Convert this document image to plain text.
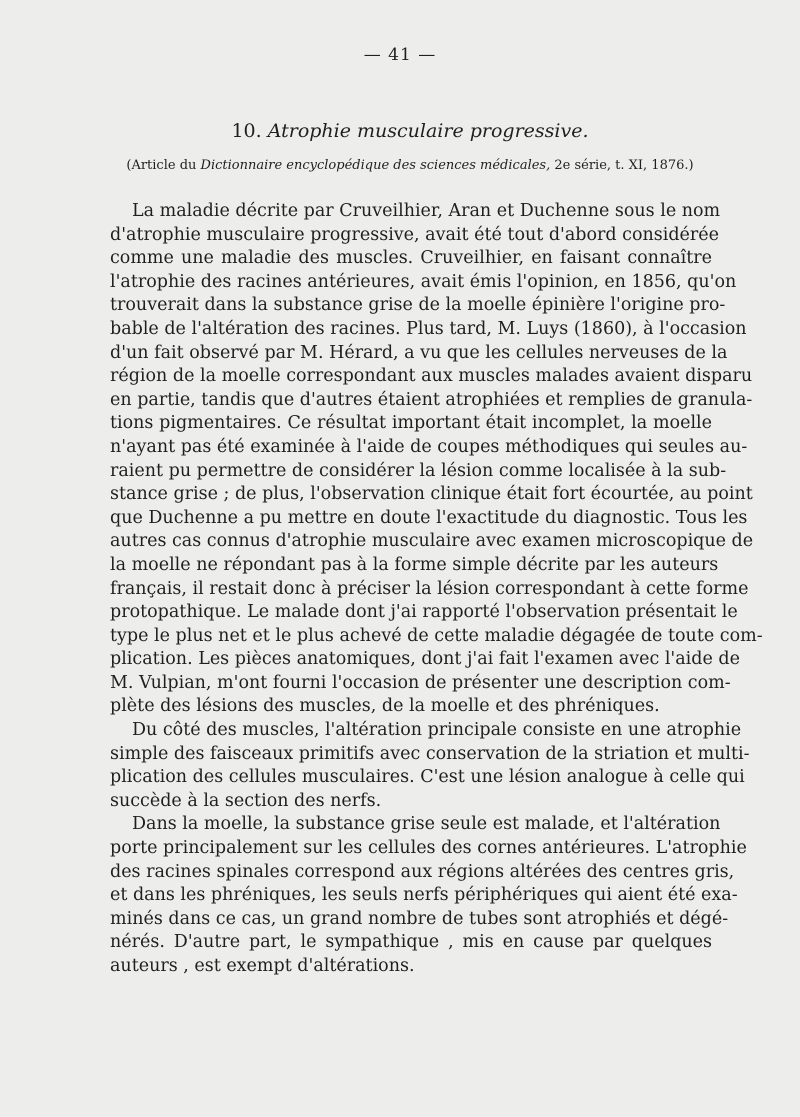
— 41 —
10. Atrophie musculaire progressive.
(Article du Dictionnaire encyclopédique des sciences médicales, 2e série, t. XI, 1876.)
La maladie décrite par Cruveilhier, Aran et Duchenne sous le nom
d'atrophie musculaire progressive, avait été tout d'abord considérée
comme une maladie des muscles. Cruveilhier, en faisant connaître
l'atrophie des racines antérieures, avait émis l'opinion, en 1856, qu'on
trouverait dans la substance grise de la moelle épinière l'origine pro-
bable de l'altération des racines. Plus tard, M. Luys (1860), à l'occasion
d'un fait observé par M. Hérard, a vu que les cellules nerveuses de la
région de la moelle correspondant aux muscles malades avaient disparu
en partie, tandis que d'autres étaient atrophiées et remplies de granula-
tions pigmentaires. Ce résultat important était incomplet, la moelle
n'ayant pas été examinée à l'aide de coupes méthodiques qui seules au-
raient pu permettre de considérer la lésion comme localisée à la sub-
stance grise ; de plus, l'observation clinique était fort écourtée, au point
que Duchenne a pu mettre en doute l'exactitude du diagnostic. Tous les
autres cas connus d'atrophie musculaire avec examen microscopique de
la moelle ne répondant pas à la forme simple décrite par les auteurs
français, il restait donc à préciser la lésion correspondant à cette forme
protopathique. Le malade dont j'ai rapporté l'observation présentait le
type le plus net et le plus achevé de cette maladie dégagée de toute com-
plication. Les pièces anatomiques, dont j'ai fait l'examen avec l'aide de
M. Vulpian, m'ont fourni l'occasion de présenter une description com-
plète des lésions des muscles, de la moelle et des phréniques.
Du côté des muscles, l'altération principale consiste en une atrophie
simple des faisceaux primitifs avec conservation de la striation et multi-
plication des cellules musculaires. C'est une lésion analogue à celle qui
succède à la section des nerfs.
Dans la moelle, la substance grise seule est malade, et l'altération
porte principalement sur les cellules des cornes antérieures. L'atrophie
des racines spinales correspond aux régions altérées des centres gris,
et dans les phréniques, les seuls nerfs périphériques qui aient été exa-
minés dans ce cas, un grand nombre de tubes sont atrophiés et dégé-
nérés. D'autre part, le sympathique , mis en cause par quelques
auteurs , est exempt d'altérations.
